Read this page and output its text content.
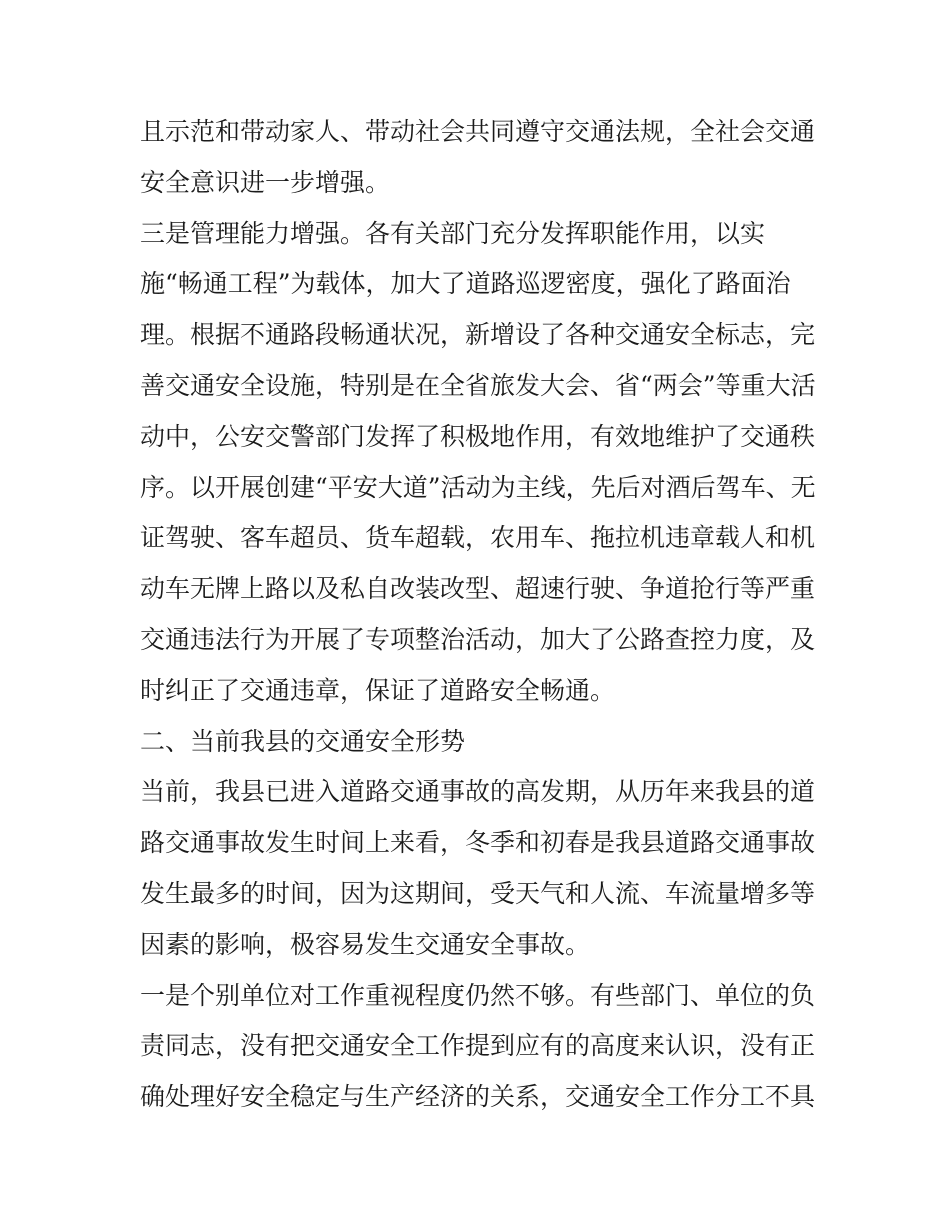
且示范和带动家人、带动社会共同遵守交通法规，全社会交通
安全意识进一步增强。
三是管理能力增强。各有关部门充分发挥职能作用，以实
施“畅通工程”为载体，加大了道路巡逻密度，强化了路面治
理。根据不通路段畅通状况，新增设了各种交通安全标志，完
善交通安全设施，特别是在全省旅发大会、省“两会”等重大活
动中，公安交警部门发挥了积极地作用，有效地维护了交通秩
序。以开展创建“平安大道”活动为主线，先后对酒后驾车、无
证驾驶、客车超员、货车超载，农用车、拖拉机违章载人和机
动车无牌上路以及私自改装改型、超速行驶、争道抢行等严重
交通违法行为开展了专项整治活动，加大了公路查控力度，及
时纠正了交通违章，保证了道路安全畅通。
二、当前我县的交通安全形势
当前，我县已进入道路交通事故的高发期，从历年来我县的道
路交通事故发生时间上来看，冬季和初春是我县道路交通事故
发生最多的时间，因为这期间，受天气和人流、车流量增多等
因素的影响，极容易发生交通安全事故。
一是个别单位对工作重视程度仍然不够。有些部门、单位的负
责同志，没有把交通安全工作提到应有的高度来认识，没有正
确处理好安全稳定与生产经济的关系，交通安全工作分工不具
